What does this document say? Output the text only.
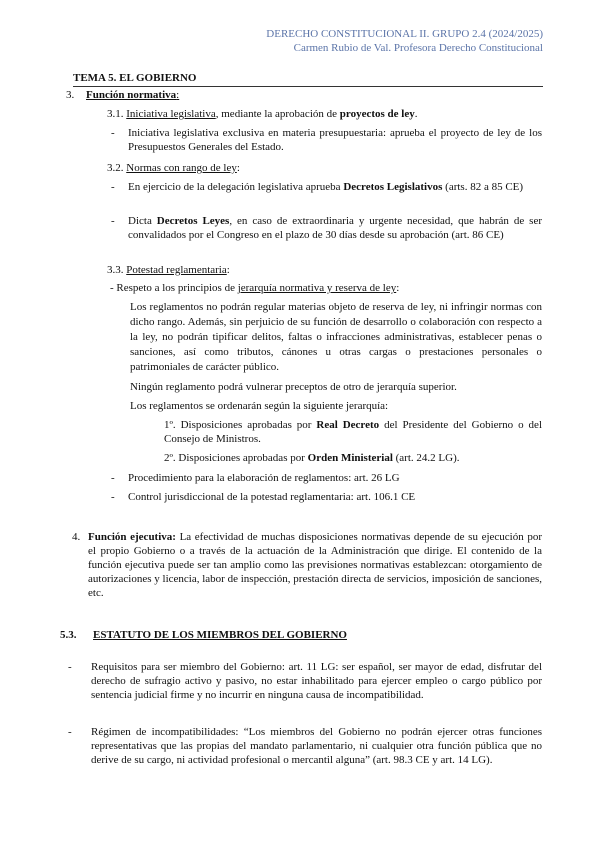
DERECHO CONSTITUCIONAL II. GRUPO 2.4 (2024/2025)
Carmen Rubio de Val. Profesora Derecho Constitucional
TEMA 5. EL GOBIERNO
3. Función normativa:
3.1. Iniciativa legislativa, mediante la aprobación de proyectos de ley.
- Iniciativa legislativa exclusiva en materia presupuestaria: aprueba el proyecto de ley de los Presupuestos Generales del Estado.
3.2. Normas con rango de ley:
- En ejercicio de la delegación legislativa aprueba Decretos Legislativos (arts. 82 a 85 CE)
- Dicta Decretos Leyes, en caso de extraordinaria y urgente necesidad, que habrán de ser convalidados por el Congreso en el plazo de 30 días desde su aprobación (art. 86 CE)
3.3. Potestad reglamentaria:
- Respeto a los principios de jerarquía normativa y reserva de ley:
Los reglamentos no podrán regular materias objeto de reserva de ley, ni infringir normas con dicho rango. Además, sin perjuicio de su función de desarrollo o colaboración con respecto a la ley, no podrán tipificar delitos, faltas o infracciones administrativas, establecer penas o sanciones, así como tributos, cánones u otras cargas o prestaciones personales o patrimoniales de carácter público.
Ningún reglamento podrá vulnerar preceptos de otro de jerarquía superior.
Los reglamentos se ordenarán según la siguiente jerarquía:
1º. Disposiciones aprobadas por Real Decreto del Presidente del Gobierno o del Consejo de Ministros.
2º. Disposiciones aprobadas por Orden Ministerial (art. 24.2 LG).
- Procedimiento para la elaboración de reglamentos: art. 26 LG
- Control jurisdiccional de la potestad reglamentaria: art. 106.1 CE
4. Función ejecutiva: La efectividad de muchas disposiciones normativas depende de su ejecución por el propio Gobierno o a través de la actuación de la Administración que dirige. El contenido de la función ejecutiva puede ser tan amplio como las previsiones normativas establezcan: otorgamiento de autorizaciones y licencia, labor de inspección, prestación directa de servicios, imposición de sanciones, etc.
5.3. ESTATUTO DE LOS MIEMBROS DEL GOBIERNO
- Requisitos para ser miembro del Gobierno: art. 11 LG: ser español, ser mayor de edad, disfrutar del derecho de sufragio activo y pasivo, no estar inhabilitado para ejercer empleo o cargo público por sentencia judicial firme y no incurrir en ninguna causa de incompatibilidad.
- Régimen de incompatibilidades: “Los miembros del Gobierno no podrán ejercer otras funciones representativas que las propias del mandato parlamentario, ni cualquier otra función pública que no derive de su cargo, ni actividad profesional o mercantil alguna” (art. 98.3 CE y art. 14 LG).
